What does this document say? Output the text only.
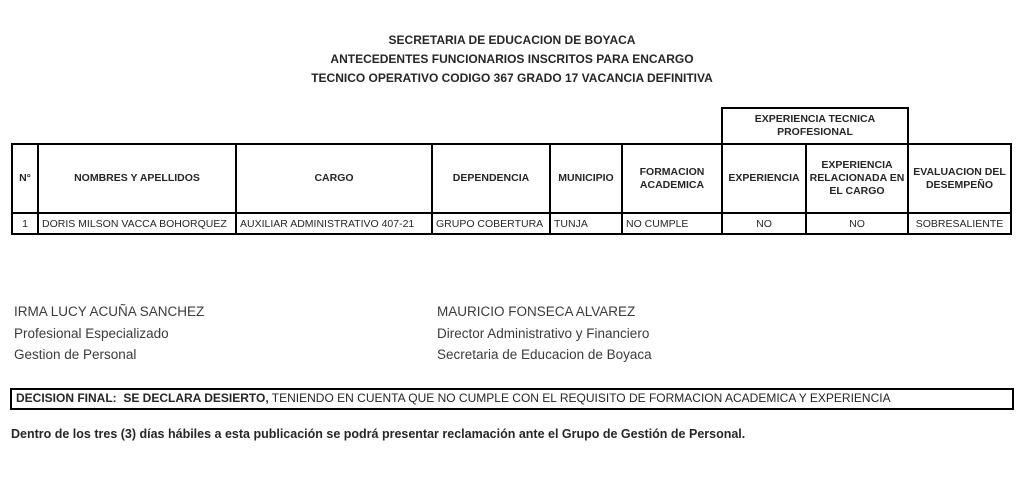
SECRETARIA DE EDUCACION DE BOYACA
ANTECEDENTES FUNCIONARIOS INSCRITOS PARA ENCARGO
TECNICO OPERATIVO CODIGO 367 GRADO 17 VACANCIA DEFINITIVA
						EXPERIENCIA TECNICA PROFESIONAL		
N°	NOMBRES Y APELLIDOS	CARGO	DEPENDENCIA	MUNICIPIO	FORMACION ACADEMICA	EXPERIENCIA	EXPERIENCIA RELACIONADA EN EL CARGO	EVALUACION DEL DESEMPEÑO
1	DORIS MILSON VACCA BOHORQUEZ	AUXILIAR ADMINISTRATIVO 407-21	GRUPO COBERTURA	TUNJA	NO CUMPLE	NO	NO	SOBRESALIENTE
IRMA LUCY ACUÑA SANCHEZ
Profesional Especializado
Gestion de Personal
MAURICIO FONSECA ALVAREZ
Director Administrativo y Financiero
Secretaria de Educacion de Boyaca
DECISION FINAL:  SE DECLARA DESIERTO, TENIENDO EN CUENTA QUE NO CUMPLE CON EL REQUISITO DE FORMACION ACADEMICA Y EXPERIENCIA
Dentro de los tres (3) días hábiles a esta publicación se podrá presentar reclamación ante el Grupo de Gestión de Personal.
